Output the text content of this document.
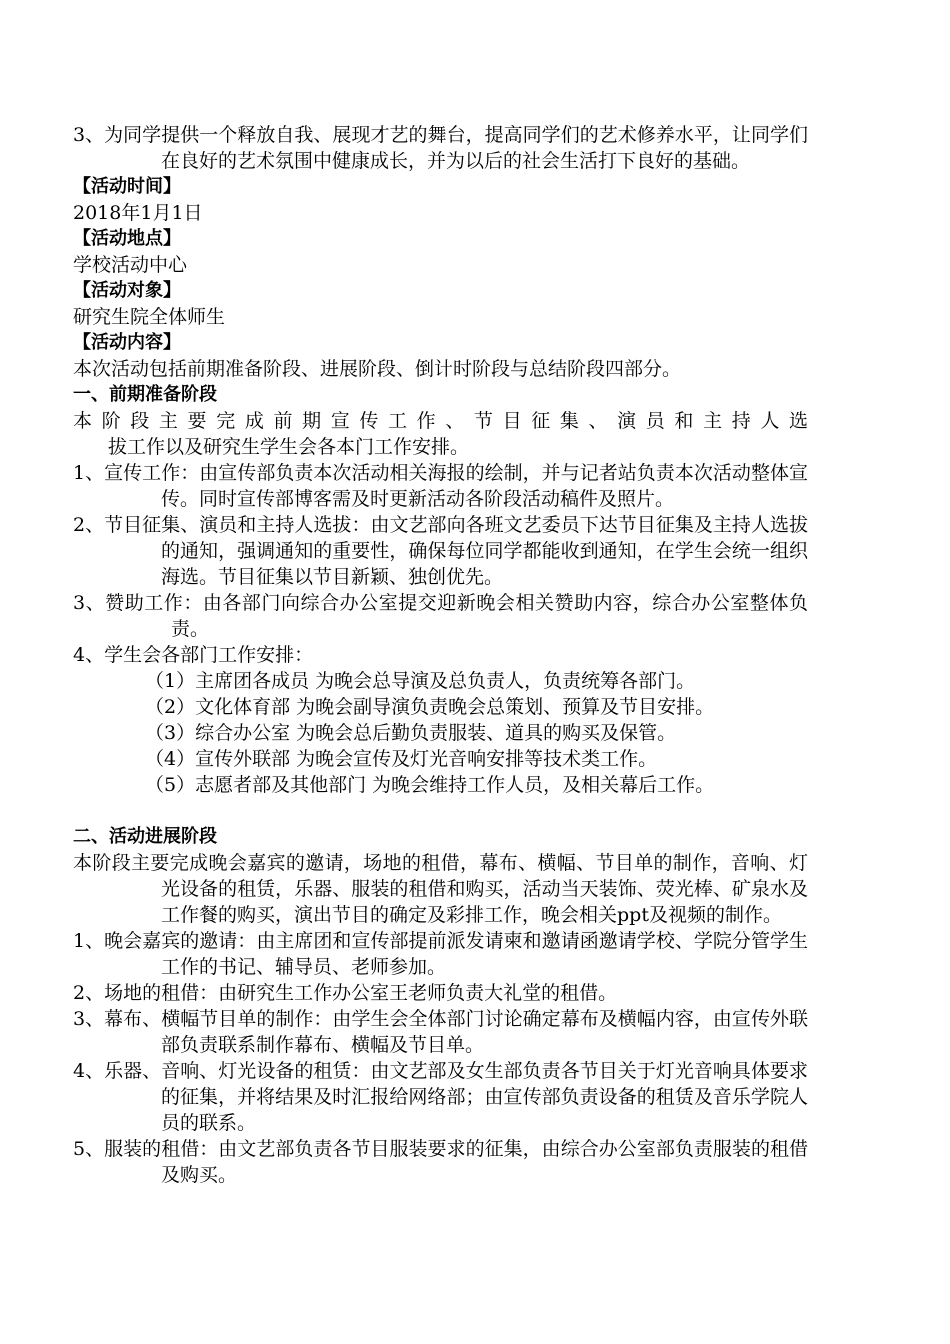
3、为同学提供一个释放自我、展现才艺的舞台，提高同学们的艺术修养水平，让同学们在良好的艺术氛围中健康成长，并为以后的社会生活打下良好的基础。

【活动时间】

2018年1月1日

【活动地点】

学校活动中心

【活动对象】

研究生院全体师生

【活动内容】

本次活动包括前期准备阶段、进展阶段、倒计时阶段与总结阶段四部分。

一、前期准备阶段

本阶段主要完成前期宣传工作、节目征集、演员和主持人选

拔工作以及研究生学生会各本门工作安排。

1、宣传工作：由宣传部负责本次活动相关海报的绘制，并与记者站负责本次活动整体宣传。同时宣传部博客需及时更新活动各阶段活动稿件及照片。

2、节目征集、演员和主持人选拔：由文艺部向各班文艺委员下达节目征集及主持人选拔的通知，强调通知的重要性，确保每位同学都能收到通知，在学生会统一组织海选。节目征集以节目新颖、独创优先。

3、赞助工作：由各部门向综合办公室提交迎新晚会相关赞助内容，综合办公室整体负责。

4、学生会各部门工作安排：

（1）主席团各成员 为晚会总导演及总负责人，负责统筹各部门。

（2）文化体育部 为晚会副导演负责晚会总策划、预算及节目安排。

（3）综合办公室 为晚会总后勤负责服装、道具的购买及保管。

（4）宣传外联部 为晚会宣传及灯光音响安排等技术类工作。

（5）志愿者部及其他部门 为晚会维持工作人员，及相关幕后工作。

二、活动进展阶段

本阶段主要完成晚会嘉宾的邀请，场地的租借，幕布、横幅、节目单的制作，音响、灯光设备的租赁，乐器、服装的租借和购买，活动当天装饰、荧光棒、矿泉水及工作餐的购买，演出节目的确定及彩排工作，晚会相关ppt及视频的制作。

1、晚会嘉宾的邀请：由主席团和宣传部提前派发请柬和邀请函邀请学校、学院分管学生工作的书记、辅导员、老师参加。

2、场地的租借：由研究生工作办公室王老师负责大礼堂的租借。

3、幕布、横幅节目单的制作：由学生会全体部门讨论确定幕布及横幅内容，由宣传外联部负责联系制作幕布、横幅及节目单。

4、乐器、音响、灯光设备的租赁：由文艺部及女生部负责各节目关于灯光音响具体要求的征集，并将结果及时汇报给网络部；由宣传部负责设备的租赁及音乐学院人员的联系。

5、服装的租借：由文艺部负责各节目服装要求的征集，由综合办公室部负责服装的租借及购买。
